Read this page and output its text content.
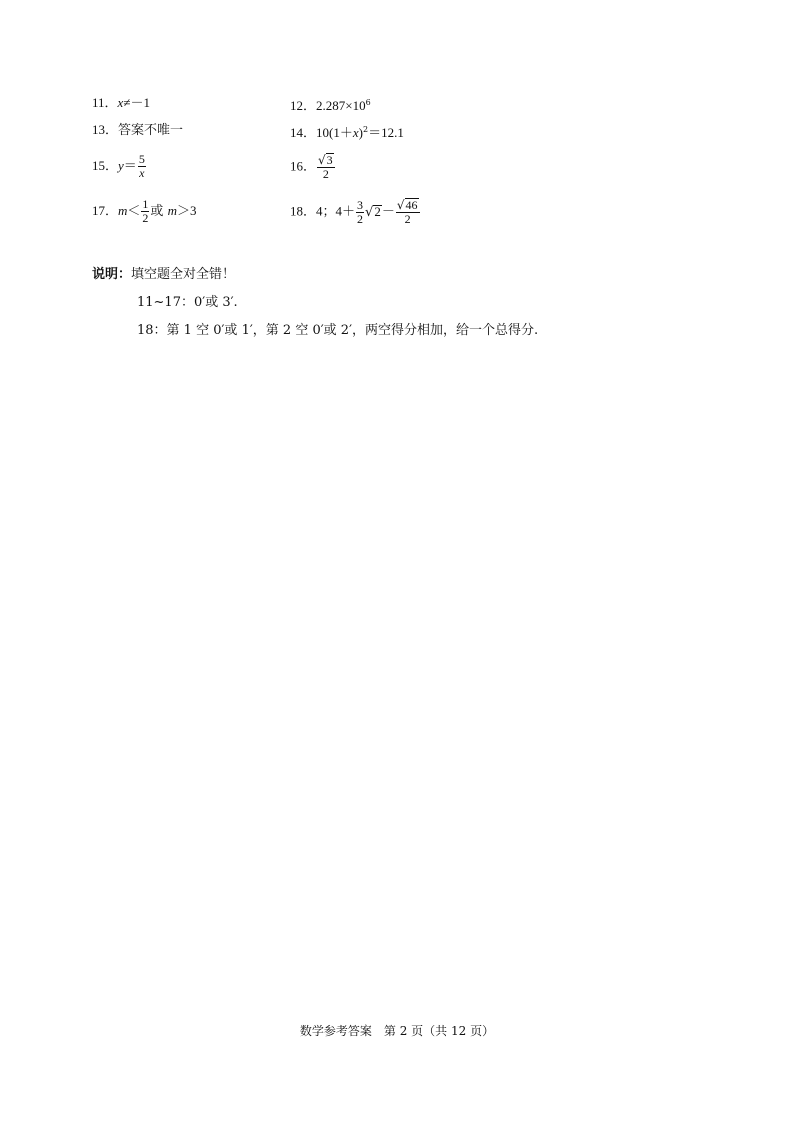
11．x≠－1	12．$2.287\times 10^6$
13．答案不唯一	14．$10(1+x)^2=12.1$
15．$y= \frac{5}{x}$	16． $\frac{√3}{2}$
17．$m< \frac{1}{2}$ 或 m＞3	18．4；$4+ \frac{3}{2} √2- \frac{√46}{2}$
说明：填空题全对全错！
11~17：0′或 3′.
18：第 1 空 0′或 1′，第 2 空 0′或 2′，两空得分相加，给一个总得分.
数学参考答案　第 2 页（共 12 页）
